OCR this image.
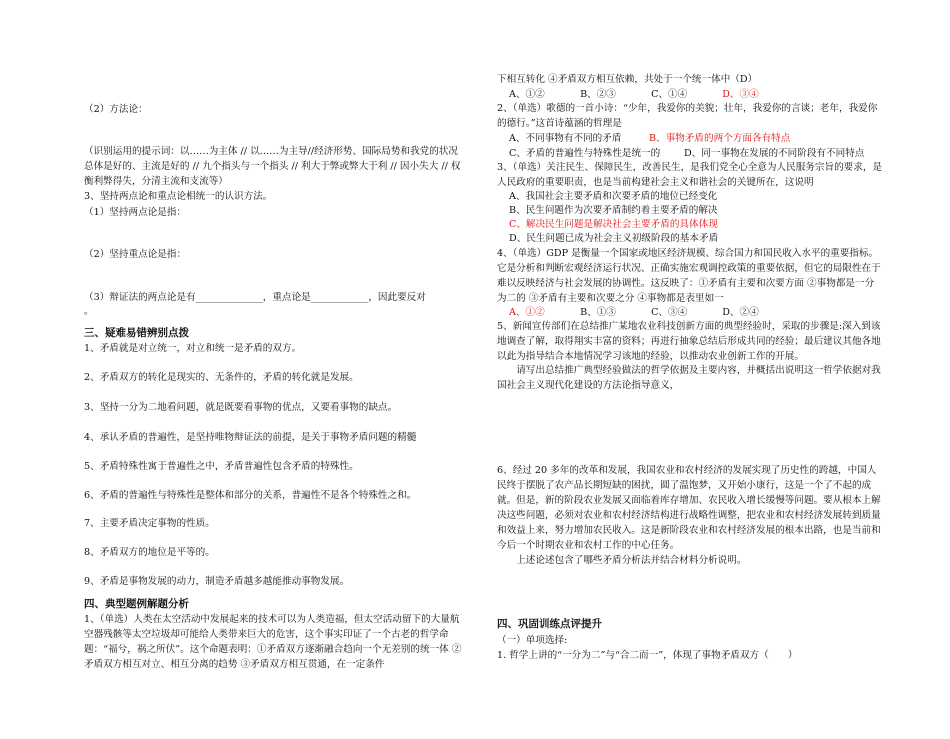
（2）方法论：

（识别运用的提示词：以……为主体 // 以……为主导//经济形势、国际局势和我党的状况总体是好的、主流是好的 // 九个指头与一个指头 // 利大于弊或弊大于利 // 因小失大 // 权衡利弊得失，分清主流和支流等）

3、坚持两点论和重点论相统一的认识方法。

（1）坚持两点论是指：

（2）坚持重点论是指：

（3）辩证法的两点论是有______________，重点论是____________，因此要反对

。

三、疑难易错辨别点拨

1、矛盾就是对立统一，对立和统一是矛盾的双方。

2、矛盾双方的转化是现实的、无条件的，矛盾的转化就是发展。

3、坚持一分为二地看问题，就是既要看事物的优点，又要看事物的缺点。

4、承认矛盾的普遍性，是坚持唯物辩证法的前提，是关于事物矛盾问题的精髓

5、矛盾特殊性寓于普遍性之中，矛盾普遍性包含矛盾的特殊性。

6、矛盾的普遍性与特殊性是整体和部分的关系，普遍性不是各个特殊性之和。

7、主要矛盾决定事物的性质。

8、矛盾双方的地位是平等的。

9、矛盾是事物发展的动力，制造矛盾越多越能推动事物发展。

四、典型题例解题分析

1、（单选）人类在太空活动中发展起来的技术可以为人类造福，但太空活动留下的大量航空器残骸等太空垃圾却可能给人类带来巨大的危害，这个事实印证了一个古老的哲学命题：“福兮，祸之所伏”。这个命题表明：①矛盾双方逐渐融合趋向一个无差别的统一体 ②矛盾双方相互对立、相互分离的趋势 ③矛盾双方相互贯通，在一定条件

下相互转化 ④矛盾双方相互依赖，共处于一个统一体中（D）

A、①②	B、②③	C、①④	D、③④

2、（单选）歌德的一首小诗：“少年，我爱你的美貌；壮年，我爱你的言谈；老年，我爱你的德行。”这首诗蕴涵的哲理是

A、不同事物有不同的矛盾	B、事物矛盾的两个方面各有特点

C、矛盾的普遍性与特殊性是统一的 D、同一事物在发展的不同阶段有不同特点

3、（单选）关注民生、保障民生，改善民生，是我们党全心全意为人民服务宗旨的要求，是人民政府的重要职责，也是当前构建社会主义和谐社会的关键所在，这说明

A、我国社会主要矛盾和次要矛盾的地位已经变化

B、民生问题作为次要矛盾制约着主要矛盾的解决

C、解决民生问题是解决社会主要矛盾的具体体现

D、民生问题已成为社会主义初级阶段的基本矛盾

4、（单选）GDP 是衡量一个国家或地区经济规模、综合国力和国民收入水平的重要指标。它是分析和判断宏观经济运行状况、正确实施宏观调控政策的重要依据，但它的局限性在于难以反映经济与社会发展的协调性。这反映了：①矛盾有主要和次要方面 ②事物都是一分为二的 ③矛盾有主要和次要之分 ④事物都是表里如一

A、①②	B、①③	C、③④	D、②④

5、新闻宣传部们在总结推广某地农业科技创新方面的典型经验时，采取的步骤是:深入到该地调查了解，取得翔实丰富的资料；再进行抽象总结后形成共同的经验；最后建议其他各地以此为指导结合本地情况学习该地的经验，以推动农业创新工作的开展。

请写出总结推广典型经验做法的哲学依据及主要内容，并概括出说明这一哲学依据对我国社会主义现代化建设的方法论指导意义，

6、经过 20 多年的改革和发展，我国农业和农村经济的发展实现了历史性的跨越，中国人民终于摆脱了农产品长期短缺的困扰，圆了温饱梦，又开始小康行，这是一个了不起的成就。但是，新的阶段农业发展又面临着库存增加、农民收入增长缓慢等问题。要从根本上解决这些问题，必须对农业和农村经济结构进行战略性调整，把农业和农村经济发展转到质量和效益上来，努力增加农民收入。这是新阶段农业和农村经济发展的根本出路，也是当前和今后一个时期农业和农村工作的中心任务。

上述论述包含了哪些矛盾分析法并结合材料分析说明。

四、巩固训练点评提升

（一）单项选择:

1. 哲学上讲的“一分为二”与“合二而一”，体现了事物矛盾双方（　　）
